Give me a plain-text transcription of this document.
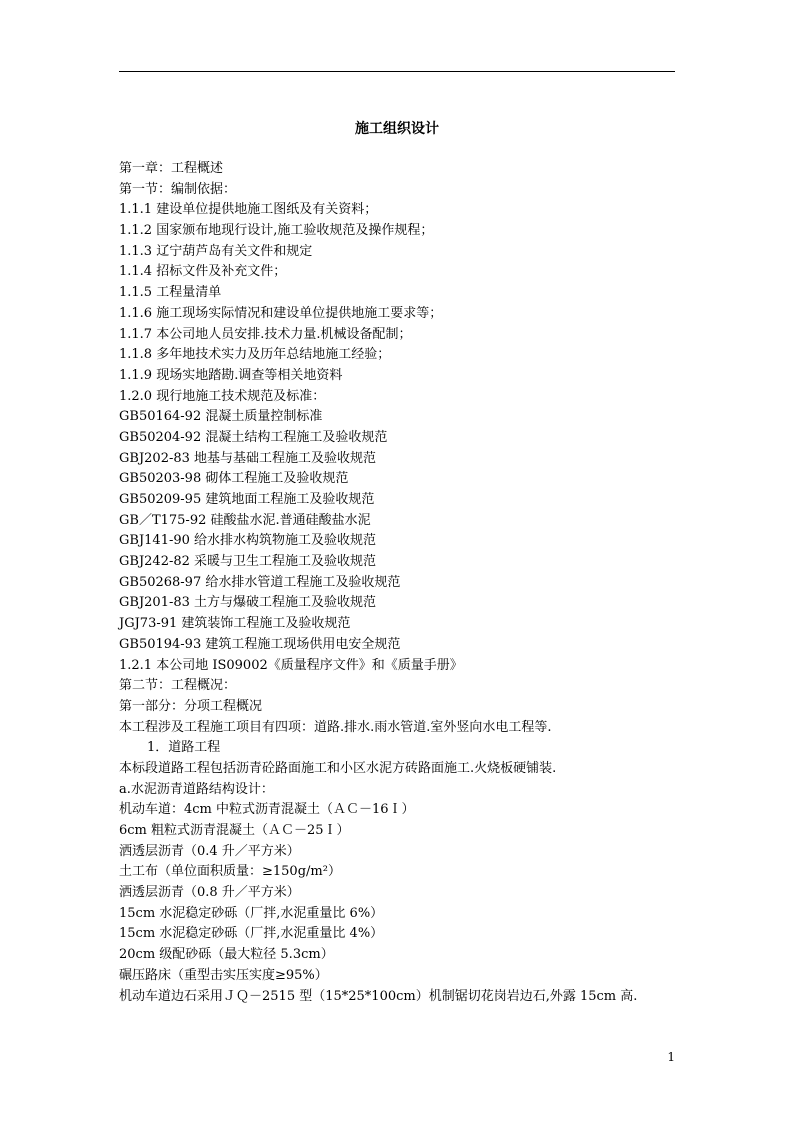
施工组织设计
第一章：工程概述
第一节：编制依据：
1.1.1 建设单位提供地施工图纸及有关资料；
1.1.2 国家颁布地现行设计,施工验收规范及操作规程；
1.1.3 辽宁葫芦岛有关文件和规定
1.1.4 招标文件及补充文件；
1.1.5 工程量清单
1.1.6 施工现场实际情况和建设单位提供地施工要求等；
1.1.7 本公司地人员安排.技术力量.机械设备配制；
1.1.8 多年地技术实力及历年总结地施工经验；
1.1.9 现场实地踏勘.调查等相关地资料
1.2.0 现行地施工技术规范及标准：
GB50164-92 混凝土质量控制标准
GB50204-92 混凝土结构工程施工及验收规范
GBJ202-83 地基与基础工程施工及验收规范
GB50203-98 砌体工程施工及验收规范
GB50209-95 建筑地面工程施工及验收规范
GB／T175-92 硅酸盐水泥.普通硅酸盐水泥
GBJ141-90 给水排水构筑物施工及验收规范
GBJ242-82 采暖与卫生工程施工及验收规范
GB50268-97 给水排水管道工程施工及验收规范
GBJ201-83 土方与爆破工程施工及验收规范
JGJ73-91 建筑装饰工程施工及验收规范
GB50194-93 建筑工程施工现场供用电安全规范
1.2.1 本公司地 IS09002《质量程序文件》和《质量手册》
第二节：工程概况：
第一部分：分项工程概况
本工程涉及工程施工项目有四项：道路.排水.雨水管道.室外竖向水电工程等.
1．道路工程
本标段道路工程包括沥青砼路面施工和小区水泥方砖路面施工.火烧板硬铺装.
a.水泥沥青道路结构设计：
机动车道：4cm 中粒式沥青混凝土（ＡＣ－16Ｉ）
6cm 粗粒式沥青混凝土（ＡＣ－25Ｉ）
洒透层沥青（0.4 升／平方米）
土工布（单位面积质量：≥150g/m²）
洒透层沥青（0.8 升／平方米）
15cm 水泥稳定砂砾（厂拌,水泥重量比 6%）
15cm 水泥稳定砂砾（厂拌,水泥重量比 4%）
20cm 级配砂砾（最大粒径 5.3cm）
碾压路床（重型击实压实度≥95%）
机动车道边石采用ＪＱ－2515 型（15*25*100cm）机制锯切花岗岩边石,外露 15cm 高.
1
